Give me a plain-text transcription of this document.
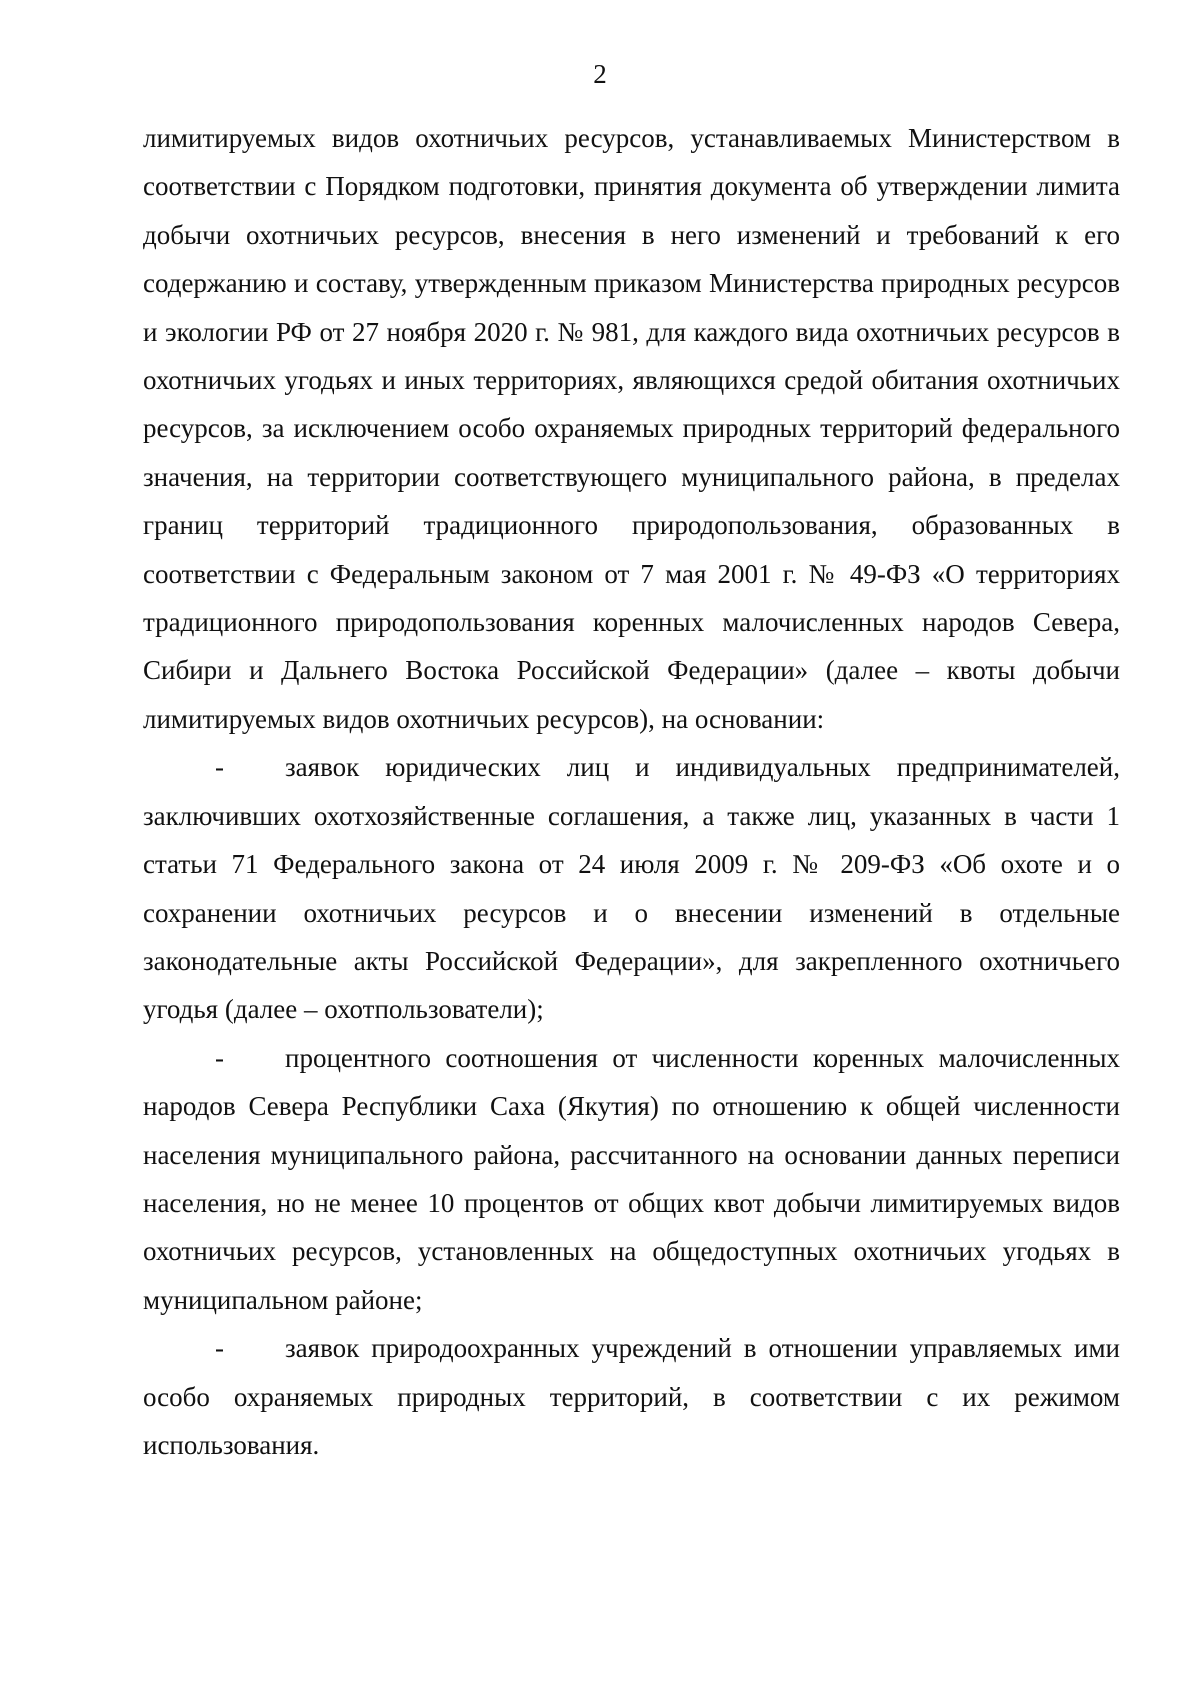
2

лимитируемых видов охотничьих ресурсов, устанавливаемых Министерством в соответствии с Порядком подготовки, принятия документа об утверждении лимита добычи охотничьих ресурсов, внесения в него изменений и требований к его содержанию и составу, утвержденным приказом Министерства природных ресурсов и экологии РФ от 27 ноября 2020 г. № 981, для каждого вида охотничьих ресурсов в охотничьих угодьях и иных территориях, являющихся средой обитания охотничьих ресурсов, за исключением особо охраняемых природных территорий федерального значения, на территории соответствующего муниципального района, в пределах границ территорий традиционного природопользования, образованных в соответствии с Федеральным законом от 7 мая 2001 г. № 49-ФЗ «О территориях традиционного природопользования коренных малочисленных народов Севера, Сибири и Дальнего Востока Российской Федерации» (далее – квоты добычи лимитируемых видов охотничьих ресурсов), на основании:

- заявок юридических лиц и индивидуальных предпринимателей, заключивших охотхозяйственные соглашения, а также лиц, указанных в части 1 статьи 71 Федерального закона от 24 июля 2009 г. № 209-ФЗ «Об охоте и о сохранении охотничьих ресурсов и о внесении изменений в отдельные законодательные акты Российской Федерации», для закрепленного охотничьего угодья (далее – охотпользователи);

- процентного соотношения от численности коренных малочисленных народов Севера Республики Саха (Якутия) по отношению к общей численности населения муниципального района, рассчитанного на основании данных переписи населения, но не менее 10 процентов от общих квот добычи лимитируемых видов охотничьих ресурсов, установленных на общедоступных охотничьих угодьях в муниципальном районе;

- заявок природоохранных учреждений в отношении управляемых ими особо охраняемых природных территорий, в соответствии с их режимом использования.
